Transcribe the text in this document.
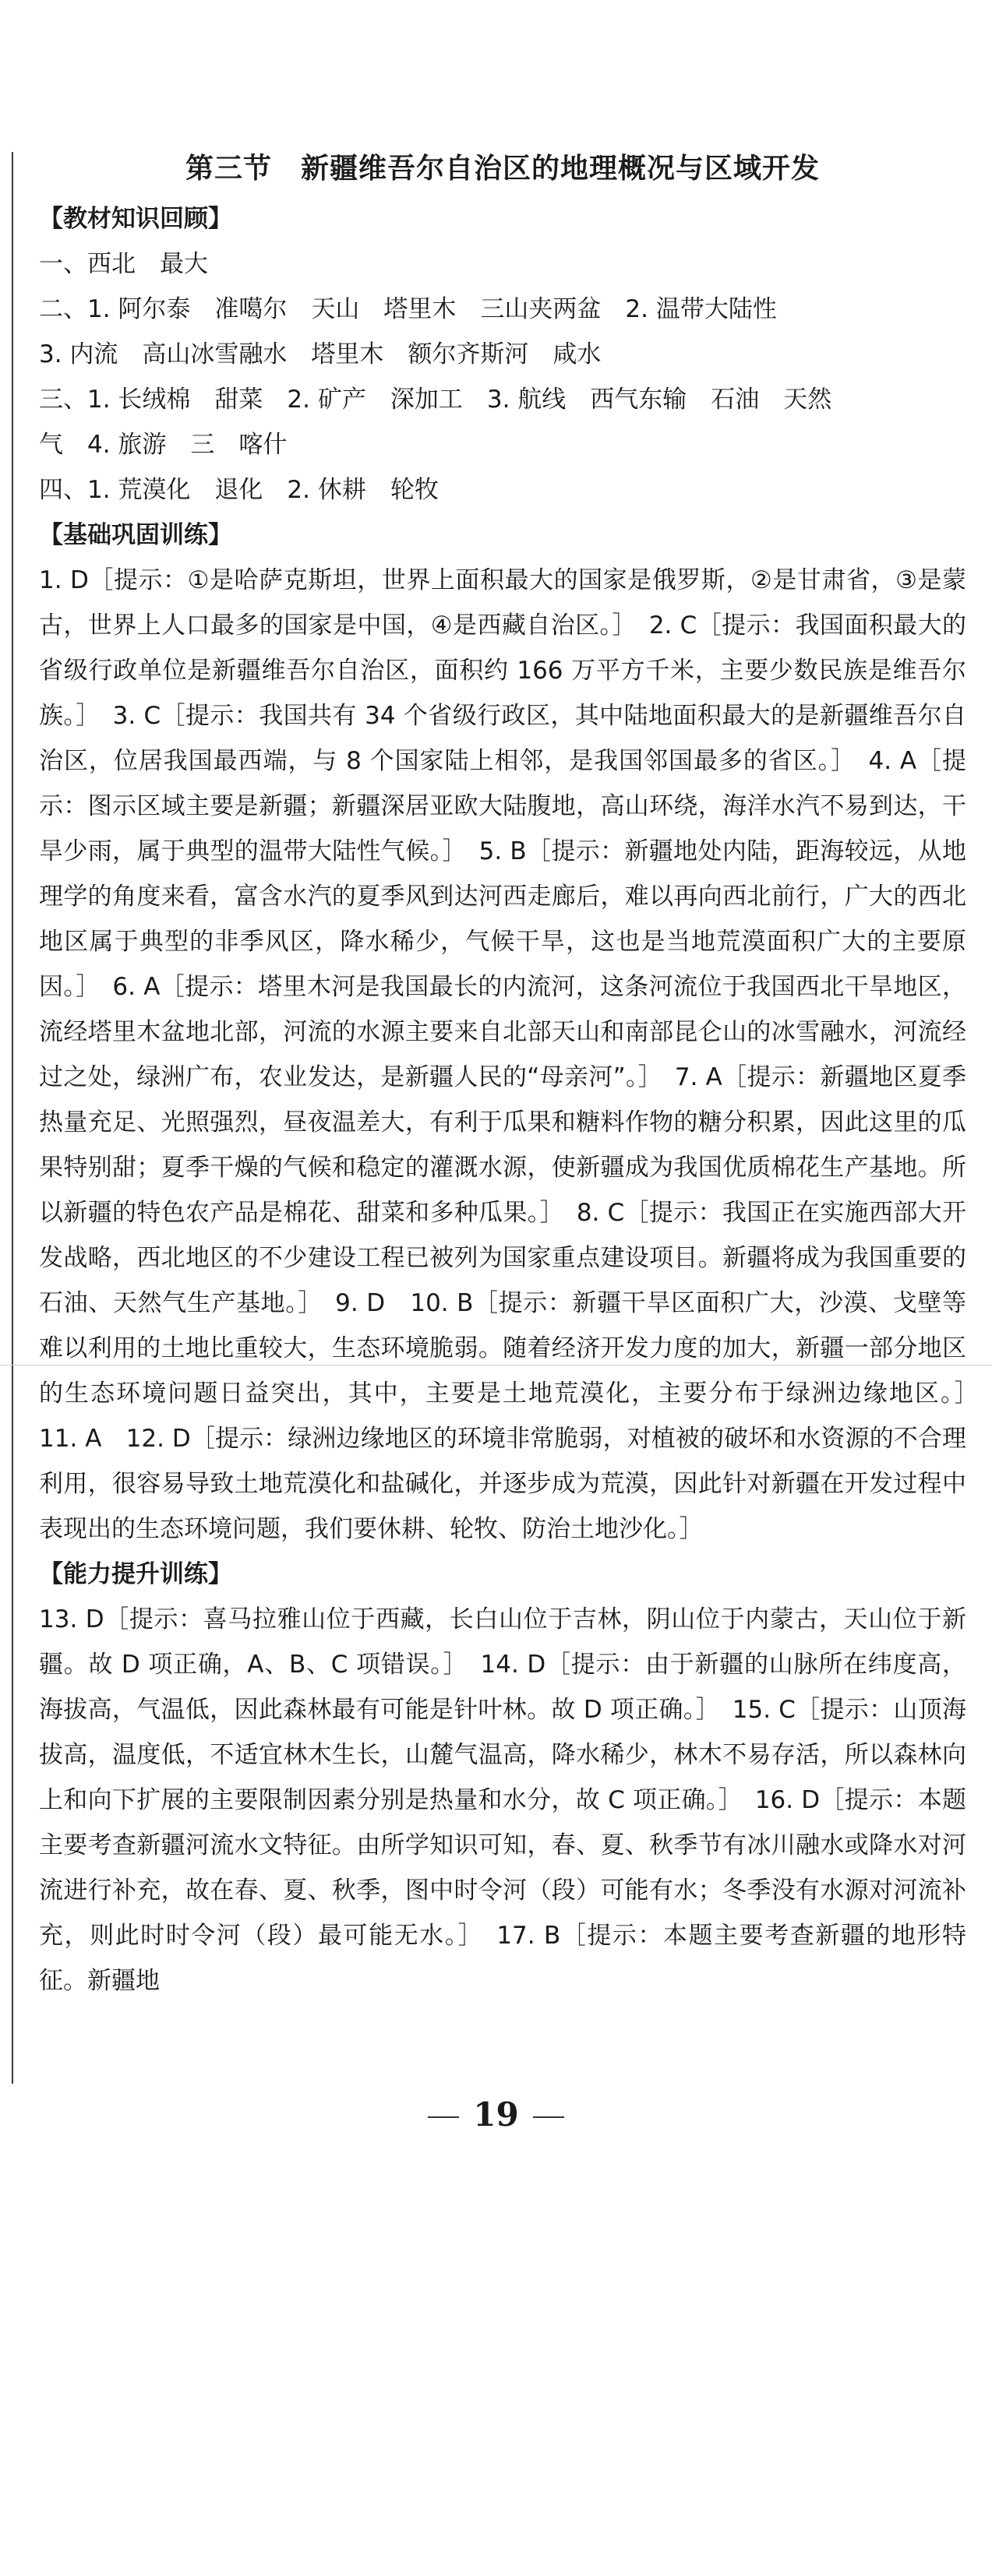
第三节　新疆维吾尔自治区的地理概况与区域开发
【教材知识回顾】
一、西北　最大
二、1. 阿尔泰　准噶尔　天山　塔里木　三山夹两盆　2. 温带大陆性
3. 内流　高山冰雪融水　塔里木　额尔齐斯河　咸水
三、1. 长绒棉　甜菜　2. 矿产　深加工　3. 航线　西气东输　石油　天然
气　4. 旅游　三　喀什
四、1. 荒漠化　退化　2. 休耕　轮牧
【基础巩固训练】
1. D［提示：①是哈萨克斯坦，世界上面积最大的国家是俄罗斯，②是甘肃省，③是蒙古，世界上人口最多的国家是中国，④是西藏自治区。］　2. C［提示：我国面积最大的省级行政单位是新疆维吾尔自治区，面积约 166 万平方千米，主要少数民族是维吾尔族。］　3. C［提示：我国共有 34 个省级行政区，其中陆地面积最大的是新疆维吾尔自治区，位居我国最西端，与 8 个国家陆上相邻，是我国邻国最多的省区。］　4. A［提示：图示区域主要是新疆；新疆深居亚欧大陆腹地，高山环绕，海洋水汽不易到达，干旱少雨，属于典型的温带大陆性气候。］　5. B［提示：新疆地处内陆，距海较远，从地理学的角度来看，富含水汽的夏季风到达河西走廊后，难以再向西北前行，广大的西北地区属于典型的非季风区，降水稀少，气候干旱，这也是当地荒漠面积广大的主要原因。］　6. A［提示：塔里木河是我国最长的内流河，这条河流位于我国西北干旱地区，流经塔里木盆地北部，河流的水源主要来自北部天山和南部昆仑山的冰雪融水，河流经过之处，绿洲广布，农业发达，是新疆人民的“母亲河”。］　7. A［提示：新疆地区夏季热量充足、光照强烈，昼夜温差大，有利于瓜果和糖料作物的糖分积累，因此这里的瓜果特别甜；夏季干燥的气候和稳定的灌溉水源，使新疆成为我国优质棉花生产基地。所以新疆的特色农产品是棉花、甜菜和多种瓜果。］　8. C［提示：我国正在实施西部大开发战略，西北地区的不少建设工程已被列为国家重点建设项目。新疆将成为我国重要的石油、天然气生产基地。］　9. D　10. B［提示：新疆干旱区面积广大，沙漠、戈壁等难以利用的土地比重较大，生态环境脆弱。随着经济开发力度的加大，新疆一部分地区的生态环境问题日益突出，其中，主要是土地荒漠化，主要分布于绿洲边缘地区。］　11. A　12. D［提示：绿洲边缘地区的环境非常脆弱，对植被的破坏和水资源的不合理利用，很容易导致土地荒漠化和盐碱化，并逐步成为荒漠，因此针对新疆在开发过程中表现出的生态环境问题，我们要休耕、轮牧、防治土地沙化。］
【能力提升训练】
13. D［提示：喜马拉雅山位于西藏，长白山位于吉林，阴山位于内蒙古，天山位于新疆。故 D 项正确，A、B、C 项错误。］　14. D［提示：由于新疆的山脉所在纬度高，海拔高，气温低，因此森林最有可能是针叶林。故 D 项正确。］　15. C［提示：山顶海拔高，温度低，不适宜林木生长，山麓气温高，降水稀少，林木不易存活，所以森林向上和向下扩展的主要限制因素分别是热量和水分，故 C 项正确。］　16. D［提示：本题主要考查新疆河流水文特征。由所学知识可知，春、夏、秋季节有冰川融水或降水对河流进行补充，故在春、夏、秋季，图中时令河（段）可能有水；冬季没有水源对河流补充，则此时时令河（段）最可能无水。］　17. B［提示：本题主要考查新疆的地形特征。新疆地
19
